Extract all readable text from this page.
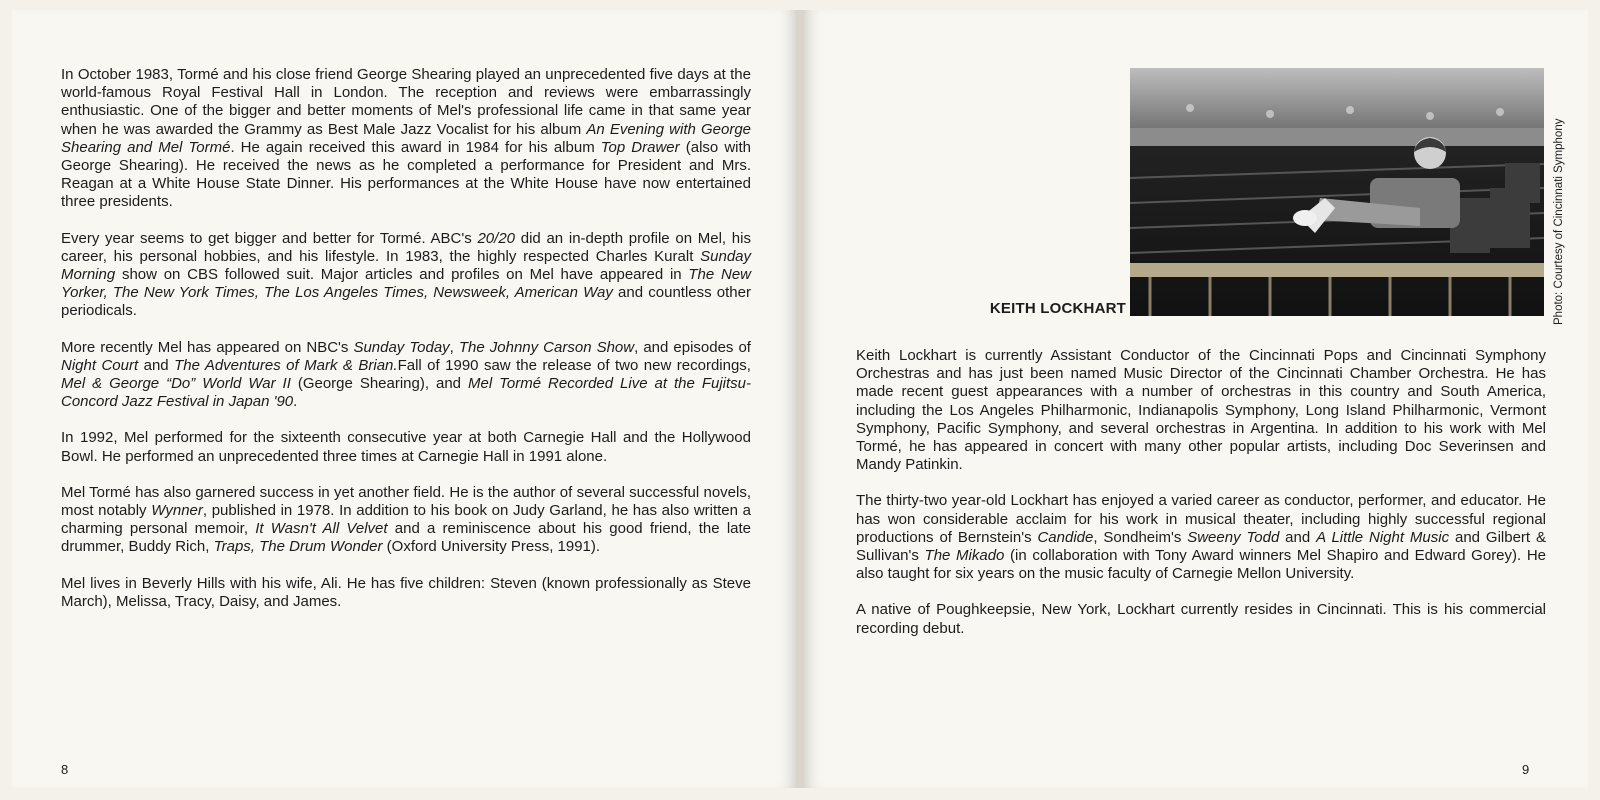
In October 1983, Tormé and his close friend George Shearing played an unprecedented five days at the world-famous Royal Festival Hall in London. The reception and reviews were embarrassingly enthusiastic. One of the bigger and better moments of Mel's professional life came in that same year when he was awarded the Grammy as Best Male Jazz Vocalist for his album An Evening with George Shearing and Mel Tormé. He again received this award in 1984 for his album Top Drawer (also with George Shearing). He received the news as he completed a performance for President and Mrs. Reagan at a White House State Dinner. His performances at the White House have now entertained three presidents.

Every year seems to get bigger and better for Tormé. ABC's 20/20 did an in-depth profile on Mel, his career, his personal hobbies, and his lifestyle. In 1983, the highly respected Charles Kuralt Sunday Morning show on CBS followed suit. Major articles and profiles on Mel have appeared in The New Yorker, The New York Times, The Los Angeles Times, Newsweek, American Way and countless other periodicals.

More recently Mel has appeared on NBC's Sunday Today, The Johnny Carson Show, and episodes of Night Court and The Adventures of Mark & Brian.Fall of 1990 saw the release of two new recordings, Mel & George “Do” World War II (George Shearing), and Mel Tormé Recorded Live at the Fujitsu-Concord Jazz Festival in Japan '90.

In 1992, Mel performed for the sixteenth consecutive year at both Carnegie Hall and the Hollywood Bowl. He performed an unprecedented three times at Carnegie Hall in 1991 alone.

Mel Tormé has also garnered success in yet another field. He is the author of several successful novels, most notably Wynner, published in 1978. In addition to his book on Judy Garland, he has also written a charming personal memoir, It Wasn't All Velvet and a reminiscence about his good friend, the late drummer, Buddy Rich, Traps, The Drum Wonder (Oxford University Press, 1991).

Mel lives in Beverly Hills with his wife, Ali. He has five children: Steven (known professionally as Steve March), Melissa, Tracy, Daisy, and James.

8
KEITH LOCKHART	Photo: Courtesy of Cincinnati Symphony

Keith Lockhart is currently Assistant Conductor of the Cincinnati Pops and Cincinnati Symphony Orchestras and has just been named Music Director of the Cincinnati Chamber Orchestra. He has made recent guest appearances with a number of orchestras in this country and South America, including the Los Angeles Philharmonic, Indianapolis Symphony, Long Island Philharmonic, Vermont Symphony, Pacific Symphony, and several orchestras in Argentina. In addition to his work with Mel Tormé, he has appeared in concert with many other popular artists, including Doc Severinsen and Mandy Patinkin.

The thirty-two year-old Lockhart has enjoyed a varied career as conductor, performer, and educator. He has won considerable acclaim for his work in musical theater, including highly successful regional productions of Bernstein's Candide, Sondheim's Sweeny Todd and A Little Night Music and Gilbert & Sullivan's The Mikado (in collaboration with Tony Award winners Mel Shapiro and Edward Gorey). He also taught for six years on the music faculty of Carnegie Mellon University.

A native of Poughkeepsie, New York, Lockhart currently resides in Cincinnati. This is his commercial recording debut.

9
